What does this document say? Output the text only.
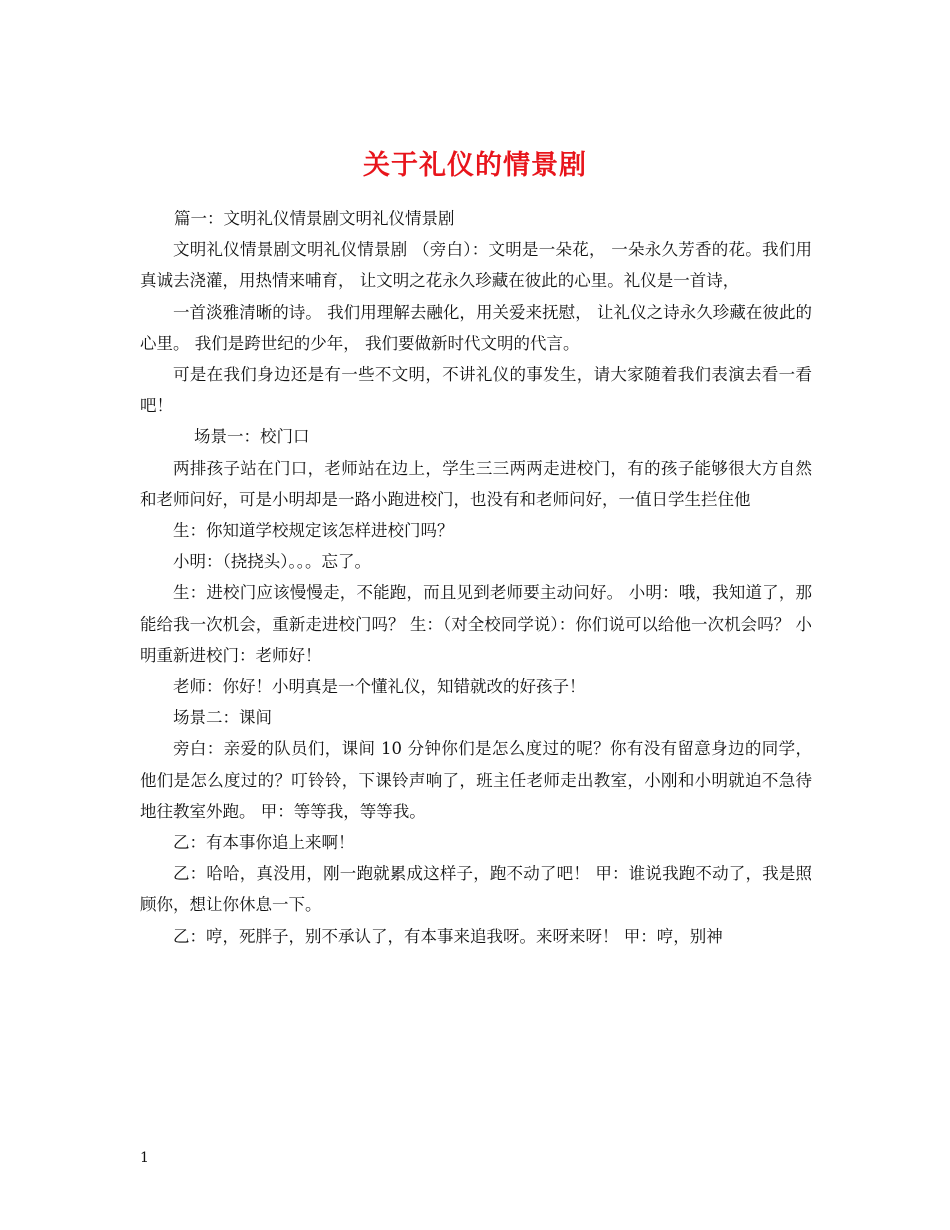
关于礼仪的情景剧

篇一：文明礼仪情景剧文明礼仪情景剧

文明礼仪情景剧文明礼仪情景剧 （旁白）：文明是一朵花， 一朵永久芳香的花。我们用真诚去浇灌，用热情来哺育， 让文明之花永久珍藏在彼此的心里。礼仪是一首诗，

一首淡雅清晰的诗。 我们用理解去融化，用关爱来抚慰， 让礼仪之诗永久珍藏在彼此的心里。 我们是跨世纪的少年， 我们要做新时代文明的代言。

可是在我们身边还是有一些不文明，不讲礼仪的事发生，请大家随着我们表演去看一看吧！

场景一：校门口

两排孩子站在门口，老师站在边上，学生三三两两走进校门，有的孩子能够很大方自然和老师问好，可是小明却是一路小跑进校门，也没有和老师问好，一值日学生拦住他

生：你知道学校规定该怎样进校门吗？

小明：（挠挠头）。。。忘了。

生：进校门应该慢慢走，不能跑，而且见到老师要主动问好。 小明：哦，我知道了，那能给我一次机会，重新走进校门吗？ 生：（对全校同学说）：你们说可以给他一次机会吗？ 小明重新进校门：老师好！

老师：你好！小明真是一个懂礼仪，知错就改的好孩子！

场景二：课间

旁白：亲爱的队员们，课间 10 分钟你们是怎么度过的呢？你有没有留意身边的同学，他们是怎么度过的？叮铃铃，下课铃声响了，班主任老师走出教室，小刚和小明就迫不急待地往教室外跑。 甲：等等我，等等我。

乙：有本事你追上来啊！

乙：哈哈，真没用，刚一跑就累成这样子，跑不动了吧！ 甲：谁说我跑不动了，我是照顾你，想让你休息一下。

乙：哼，死胖子，别不承认了，有本事来追我呀。来呀来呀！ 甲：哼，别神

1
